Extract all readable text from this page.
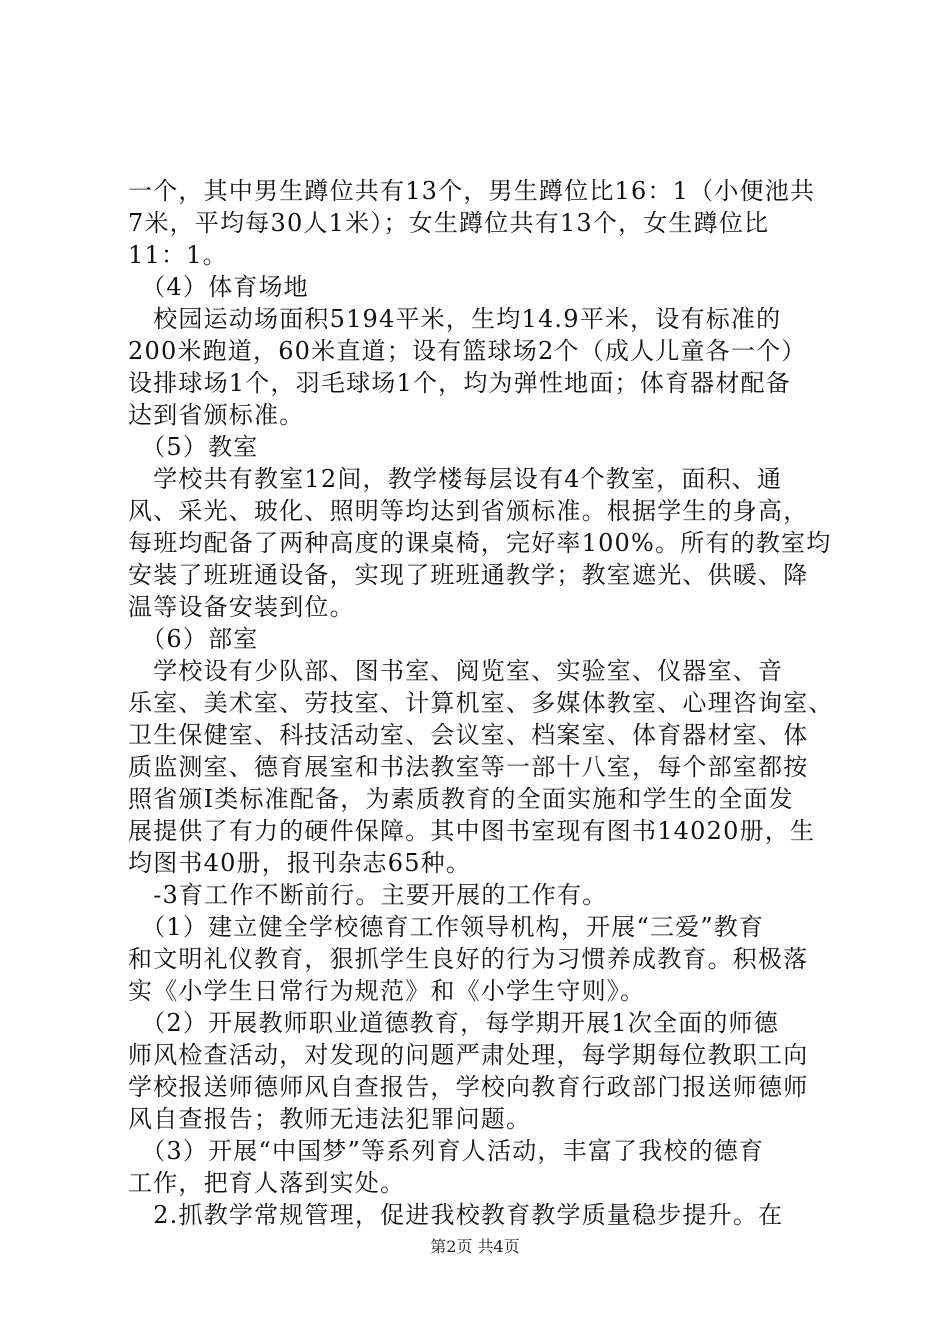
一个，其中男生蹲位共有13个，男生蹲位比16：1（小便池共
7米，平均每30人1米）；女生蹲位共有13个，女生蹲位比
11：1。
　（4）体育场地
　校园运动场面积5194平米，生均14.9平米，设有标准的
200米跑道，60米直道；设有篮球场2个（成人儿童各一个）
设排球场1个，羽毛球场1个，均为弹性地面；体育器材配备
达到省颁标准。
　（5）教室
　学校共有教室12间，教学楼每层设有4个教室，面积、通
风、采光、玻化、照明等均达到省颁标准。根据学生的身高，
每班均配备了两种高度的课桌椅，完好率100%。所有的教室均
安装了班班通设备，实现了班班通教学；教室遮光、供暖、降
温等设备安装到位。
　（6）部室
　学校设有少队部、图书室、阅览室、实验室、仪器室、音
乐室、美术室、劳技室、计算机室、多媒体教室、心理咨询室、
卫生保健室、科技活动室、会议室、档案室、体育器材室、体
质监测室、德育展室和书法教室等一部十八室，每个部室都按
照省颁Ⅰ类标准配备，为素质教育的全面实施和学生的全面发
展提供了有力的硬件保障。其中图书室现有图书14020册，生
均图书40册，报刊杂志65种。
　-3育工作不断前行。主要开展的工作有。
　（1）建立健全学校德育工作领导机构，开展“三爱”教育
和文明礼仪教育，狠抓学生良好的行为习惯养成教育。积极落
实《小学生日常行为规范》和《小学生守则》。
　（2）开展教师职业道德教育，每学期开展1次全面的师德
师风检查活动，对发现的问题严肃处理，每学期每位教职工向
学校报送师德师风自查报告，学校向教育行政部门报送师德师
风自查报告；教师无违法犯罪问题。
　（3）开展“中国梦”等系列育人活动，丰富了我校的德育
工作，把育人落到实处。
　2.抓教学常规管理，促进我校教育教学质量稳步提升。在
第2页 共4页
